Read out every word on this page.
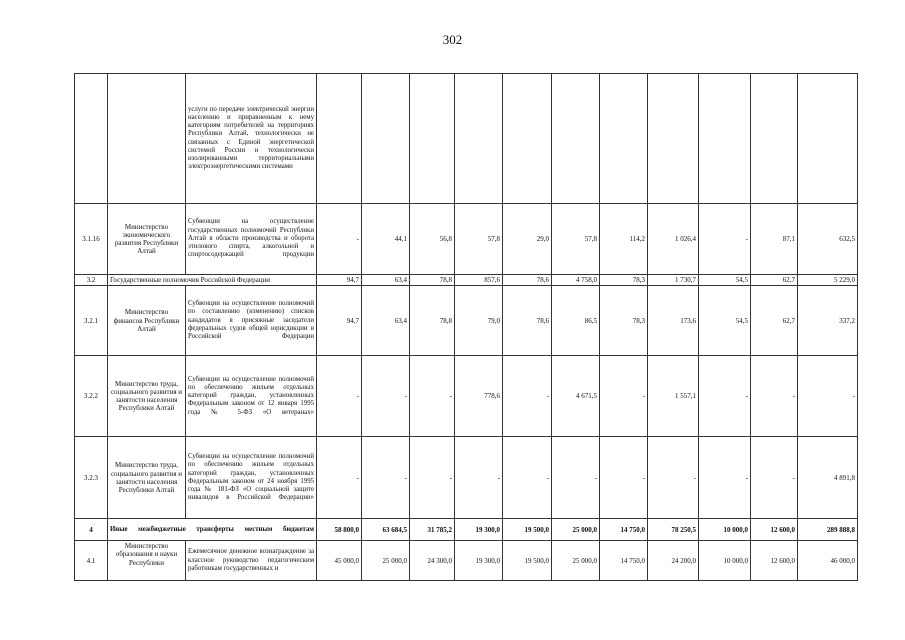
302
		услуги по передаче электрической энергии населению и приравненным к нему категориям потребителей на территориях Республики Алтай, технологически не связанных с Единой энергетической системой России и технологически изолированными территориальными электроэнергетическими системами											
3.1.16	Министерство экономического развития Республики Алтай	Субвенции на осуществление государственных полномочий Республики Алтай в области производства и оборота этилового спирта, алкогольной и спиртосодержащей продукции	-	44,1	56,8	57,8	29,0	57,8	114,2	1 026,4	-	87,1	632,5
3.2	Государственные полномочия Российской Федерации		94,7	63,4	78,8	857,6	78,6	4 758,0	78,3	1 730,7	54,5	62,7	5 229,0
3.2.1	Министерство финансов Республики Алтай	Субвенции на осуществление полномочий по составлению (изменению) списков кандидатов в присяжные заседатели федеральных судов общей юрисдикции в Российской Федерации	94,7	63,4	78,8	79,0	78,6	86,5	78,3	173,6	54,5	62,7	337,2
3.2.2	Министерство труда, социального развития и занятости населения Республики Алтай	Субвенции на осуществление полномочий по обеспечению жильем отдельных категорий граждан, установленных Федеральным законом от 12 января 1995 года № 5-ФЗ «О ветеранах»	-	-	-	778,6	-	4 671,5	-	1 557,1	-	-	-
3.2.3	Министерство труда, социального развития и занятости населения Республики Алтай	Субвенции на осуществление полномочий по обеспечению жильем отдельных категорий граждан, установленных Федеральным законом от 24 ноября 1995 года № 181-ФЗ «О социальной защите инвалидов в Российской Федерации»	-	-	-	-	-	-	-	-	-	-	4 891,8
4	Иные межбюджетные трансферты местным бюджетам		58 800,0	63 684,5	31 785,2	19 300,0	19 500,0	25 000,0	14 750,0	78 250,5	10 000,0	12 600,0	289 888,8
4.1	Министерство образования и науки Республики	Ежемесячное денежное вознаграждение за классное руководство педагогическим работникам государственных и	45 000,0	25 000,0	24 300,0	19 300,0	19 500,0	25 000,0	14 750,0	24 200,0	10 000,0	12 600,0	46 000,0
